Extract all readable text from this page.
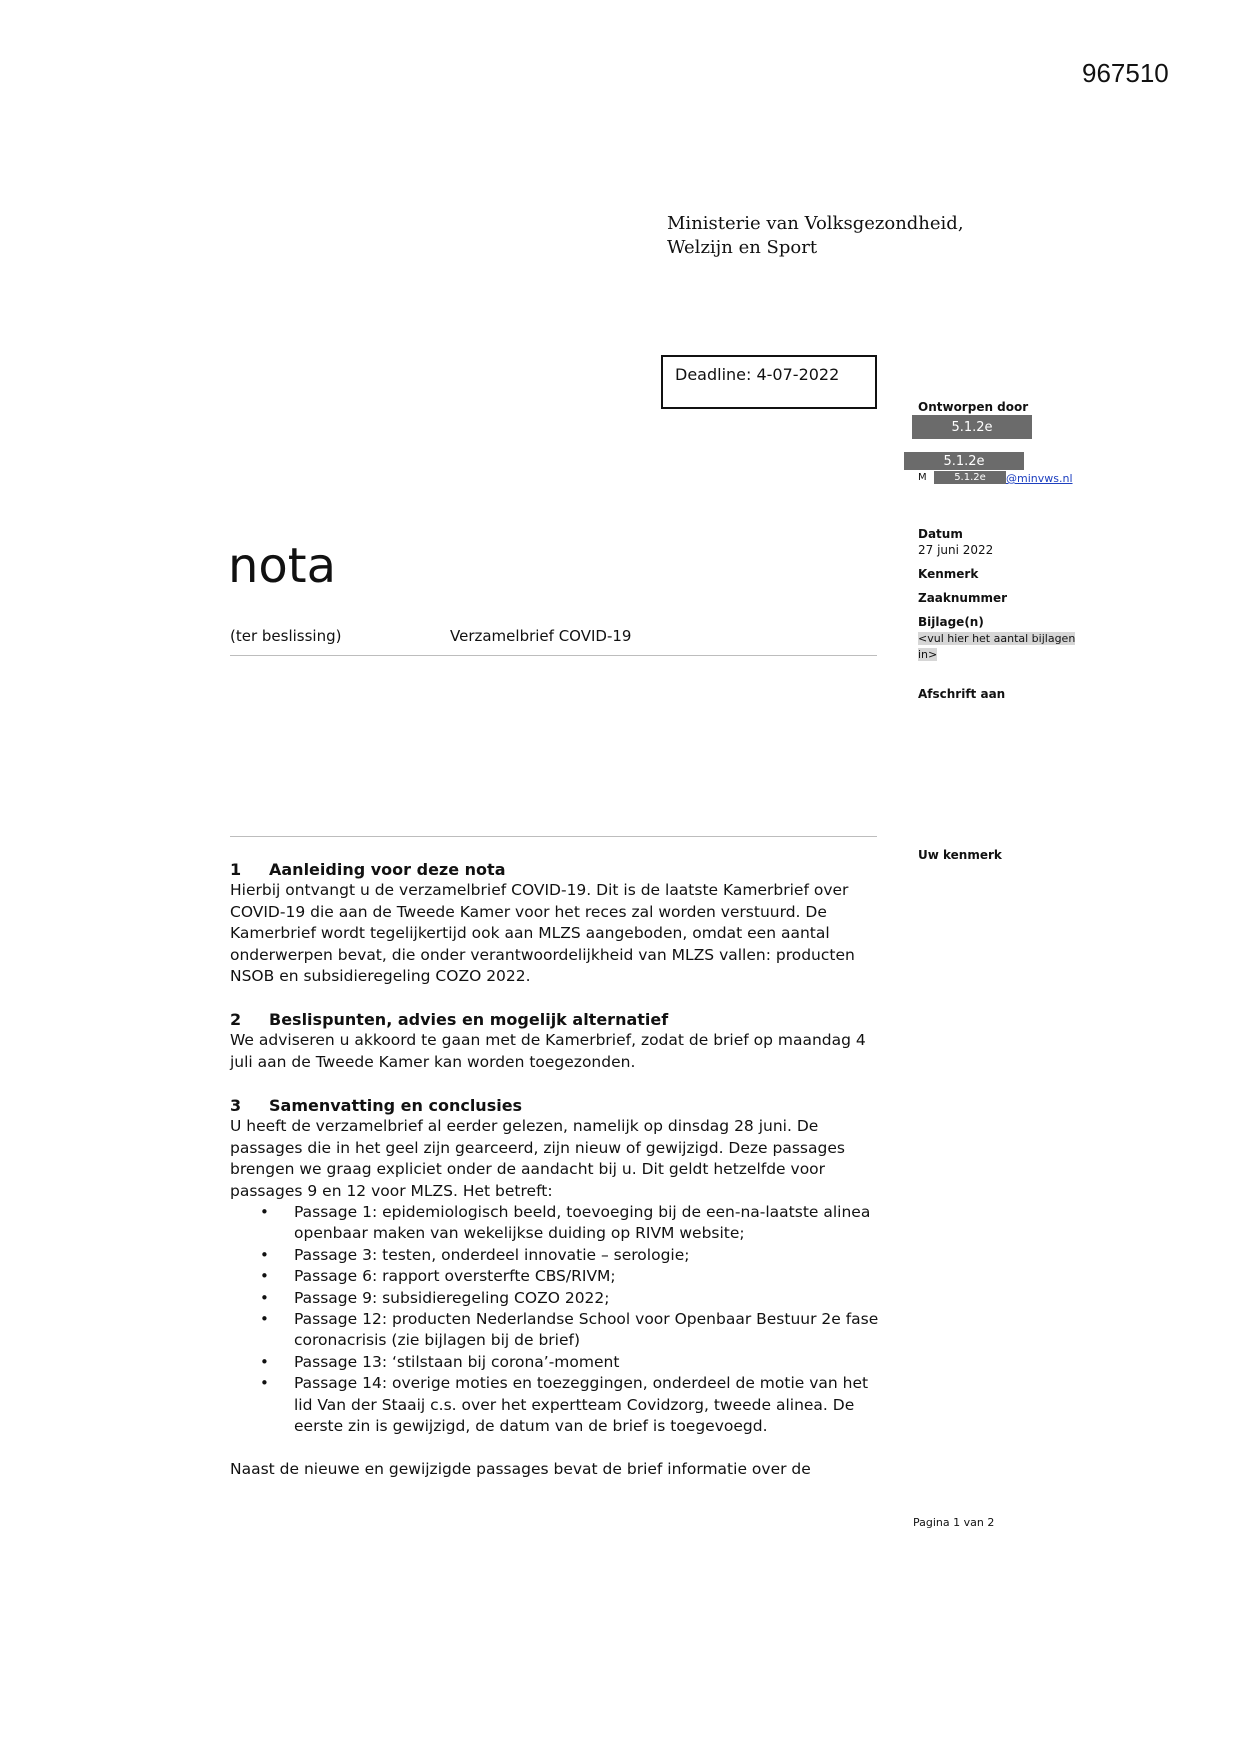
967510
Ministerie van Volksgezondheid,
Welzijn en Sport
Deadline: 4-07-2022
Ontworpen door
5.1.2e
5.1.2e
M	5.1.2e	@minvws.nl
Datum
27 juni 2022
Kenmerk
Zaaknummer
Bijlage(n)
<vul hier het aantal bijlagen
in>
Afschrift aan
Uw kenmerk
nota
(ter beslissing)	Verzamelbrief COVID-19
1	Aanleiding voor deze nota

Hierbij ontvangt u de verzamelbrief COVID-19. Dit is de laatste Kamerbrief over

COVID-19 die aan de Tweede Kamer voor het reces zal worden verstuurd. De

Kamerbrief wordt tegelijkertijd ook aan MLZS aangeboden, omdat een aantal

onderwerpen bevat, die onder verantwoordelijkheid van MLZS vallen: producten

NSOB en subsidieregeling COZO 2022.

2	Beslispunten, advies en mogelijk alternatief

We adviseren u akkoord te gaan met de Kamerbrief, zodat de brief op maandag 4

juli aan de Tweede Kamer kan worden toegezonden.

3	Samenvatting en conclusies

U heeft de verzamelbrief al eerder gelezen, namelijk op dinsdag 28 juni. De

passages die in het geel zijn gearceerd, zijn nieuw of gewijzigd. Deze passages

brengen we graag expliciet onder de aandacht bij u. Dit geldt hetzelfde voor

passages 9 en 12 voor MLZS. Het betreft:

• Passage 1: epidemiologisch beeld, toevoeging bij de een-na-laatste alinea
openbaar maken van wekelijkse duiding op RIVM website;
• Passage 3: testen, onderdeel innovatie – serologie;
• Passage 6: rapport oversterfte CBS/RIVM;
• Passage 9: subsidieregeling COZO 2022;
• Passage 12: producten Nederlandse School voor Openbaar Bestuur 2e fase
coronacrisis (zie bijlagen bij de brief)
• Passage 13: ‘stilstaan bij corona’-moment
• Passage 14: overige moties en toezeggingen, onderdeel de motie van het
lid Van der Staaij c.s. over het expertteam Covidzorg, tweede alinea. De
eerste zin is gewijzigd, de datum van de brief is toegevoegd.

Naast de nieuwe en gewijzigde passages bevat de brief informatie over de

Pagina 1 van 2
